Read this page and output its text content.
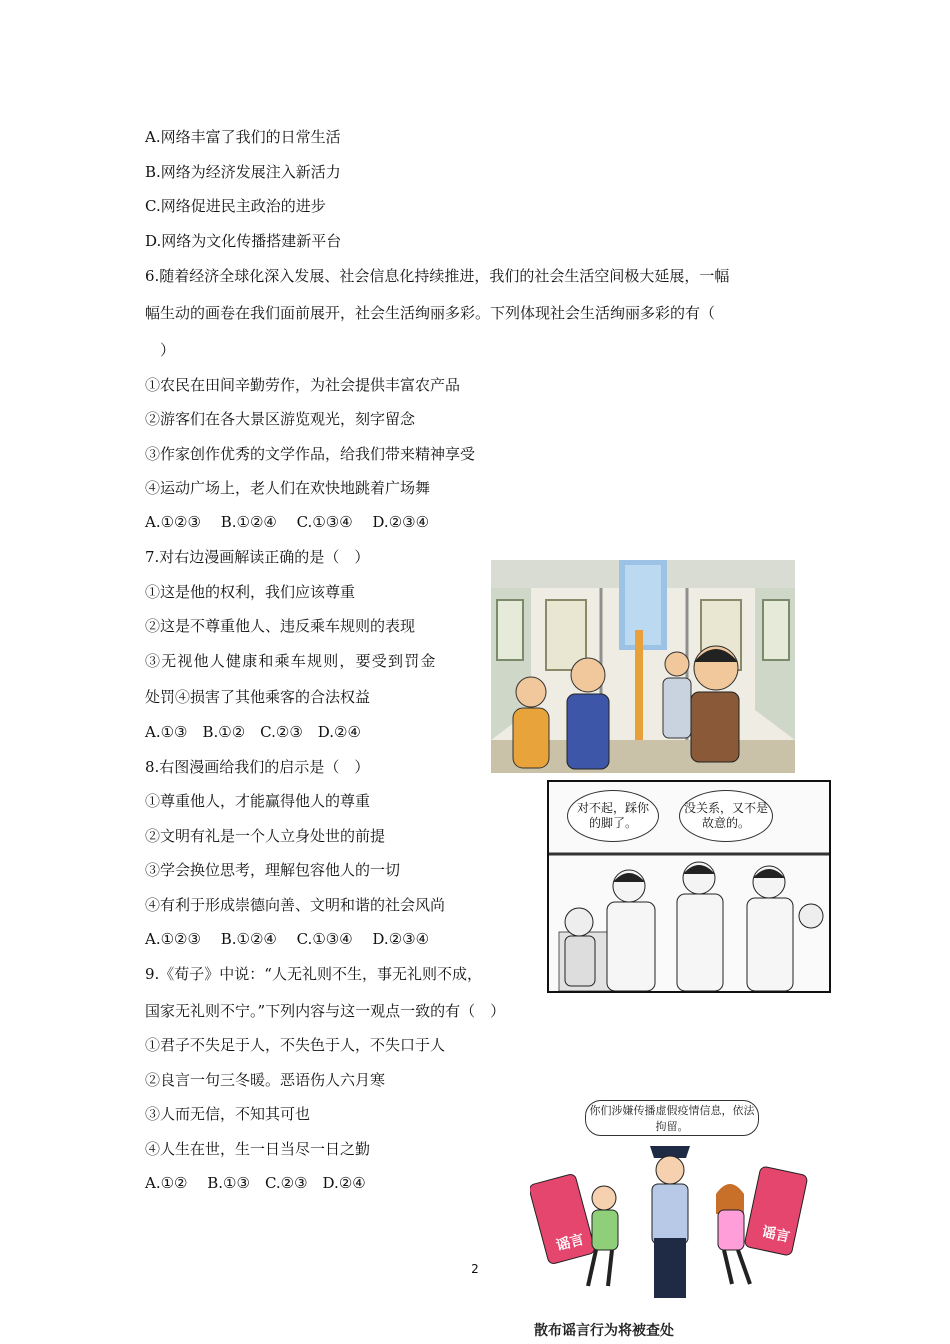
A.网络丰富了我们的日常生活
B.网络为经济发展注入新活力
C.网络促进民主政治的进步
D.网络为文化传播搭建新平台
6.随着经济全球化深入发展、社会信息化持续推进，我们的社会生活空间极大延展，一幅
幅生动的画卷在我们面前展开，社会生活绚丽多彩。下列体现社会生活绚丽多彩的有（
　）
①农民在田间辛勤劳作，为社会提供丰富农产品
②游客们在各大景区游览观光，刻字留念
③作家创作优秀的文学作品，给我们带来精神享受
④运动广场上，老人们在欢快地跳着广场舞
A.①②③　 B.①②④　 C.①③④　 D.②③④
7.对右边漫画解读正确的是（　）
①这是他的权利，我们应该尊重
②这是不尊重他人、违反乘车规则的表现
③无视他人健康和乘车规则，要受到罚金
处罚④损害了其他乘客的合法权益
A.①③　B.①②　C.②③　D.②④
8.右图漫画给我们的启示是（　）
①尊重他人，才能赢得他人的尊重
②文明有礼是一个人立身处世的前提
③学会换位思考，理解包容他人的一切
④有利于形成崇德向善、文明和谐的社会风尚
A.①②③　 B.①②④　 C.①③④　 D.②③④
9.《荀子》中说：“人无礼则不生，事无礼则不成，
国家无礼则不宁。”下列内容与这一观点一致的有（　）
①君子不失足于人，不失色于人，不失口于人
②良言一句三冬暖。恶语伤人六月寒
③人而无信，不知其可也
④人生在世，生一日当尽一日之勤
A.①②　 B.①③　C.②③　D.②④
对不起，踩你的脚了。
没关系，又不是故意的。
你们涉嫌传播虚假疫情信息，依法拘留。
谣言	谣言
散布谣言行为将被查处
2
